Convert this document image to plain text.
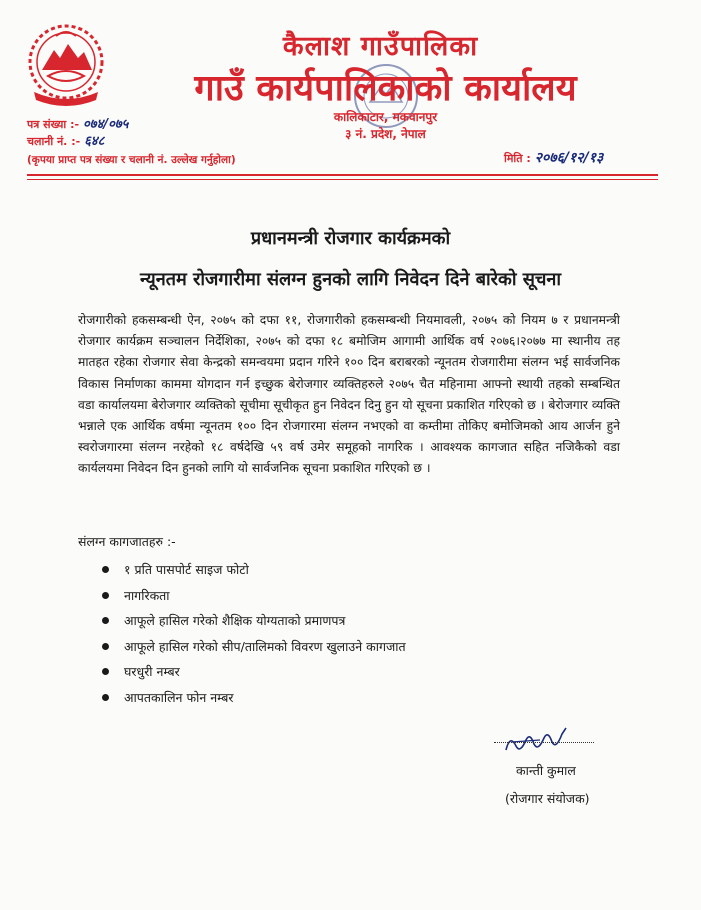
कैलाश गाउँपालिका
गाउँ कार्यपालिकाको कार्यालय
कालिकाटार, मकवानपुर
३ नं. प्रदेश, नेपाल
पत्र संख्या :- ०७४/०७५
चलानी नं. :- ६४८
(कृपया प्राप्त पत्र संख्या र चलानी नं. उल्लेख गर्नुहोला)	मिति : २०७६/१२/१३
प्रधानमन्त्री रोजगार कार्यक्रमको
न्यूनतम रोजगारीमा संलग्न हुनको लागि निवेदन दिने बारेको सूचना

रोजगारीको हकसम्बन्धी ऐन, २०७५ को दफा ११, रोजगारीको हकसम्बन्धी नियमावली, २०७५ को नियम ७ र प्रधानमन्त्री रोजगार कार्यक्रम सञ्चालन निर्देशिका, २०७५ को दफा १८ बमोजिम आगामी आर्थिक वर्ष २०७६।२०७७ मा स्थानीय तह मातहत रहेका रोजगार सेवा केन्द्रको समन्वयमा प्रदान गरिने १०० दिन बराबरको न्यूनतम रोजगारीमा संलग्न भई सार्वजनिक विकास निर्माणका काममा योगदान गर्न इच्छुक बेरोजगार व्यक्तिहरुले २०७५ चैत महिनामा आफ्नो स्थायी तहको सम्बन्धित वडा कार्यालयमा बेरोजगार व्यक्तिको सूचीमा सूचीकृत हुन निवेदन दिनु हुन यो सूचना प्रकाशित गरिएको छ । बेरोजगार व्यक्ति भन्नाले एक आर्थिक वर्षमा न्यूनतम १०० दिन रोजगारमा संलग्न नभएको वा कम्तीमा तोकिए बमोजिमको आय आर्जन हुने स्वरोजगारमा संलग्न नरहेको १८ वर्षदेखि ५९ वर्ष उमेर समूहको नागरिक । आवश्यक कागजात सहित नजिकैको वडा कार्यलयमा निवेदन दिन हुनको लागि यो सार्वजनिक सूचना प्रकाशित गरिएको छ ।

संलग्न कागजातहरु :-
१ प्रति पासपोर्ट साइज फोटो
नागरिकता
आफूले हासिल गरेको शैक्षिक योग्यताको प्रमाणपत्र
आफूले हासिल गरेको सीप/तालिमको विवरण खुलाउने कागजात
घरधुरी नम्बर
आपतकालिन फोन नम्बर
कान्ती कुमाल
(रोजगार संयोजक)
